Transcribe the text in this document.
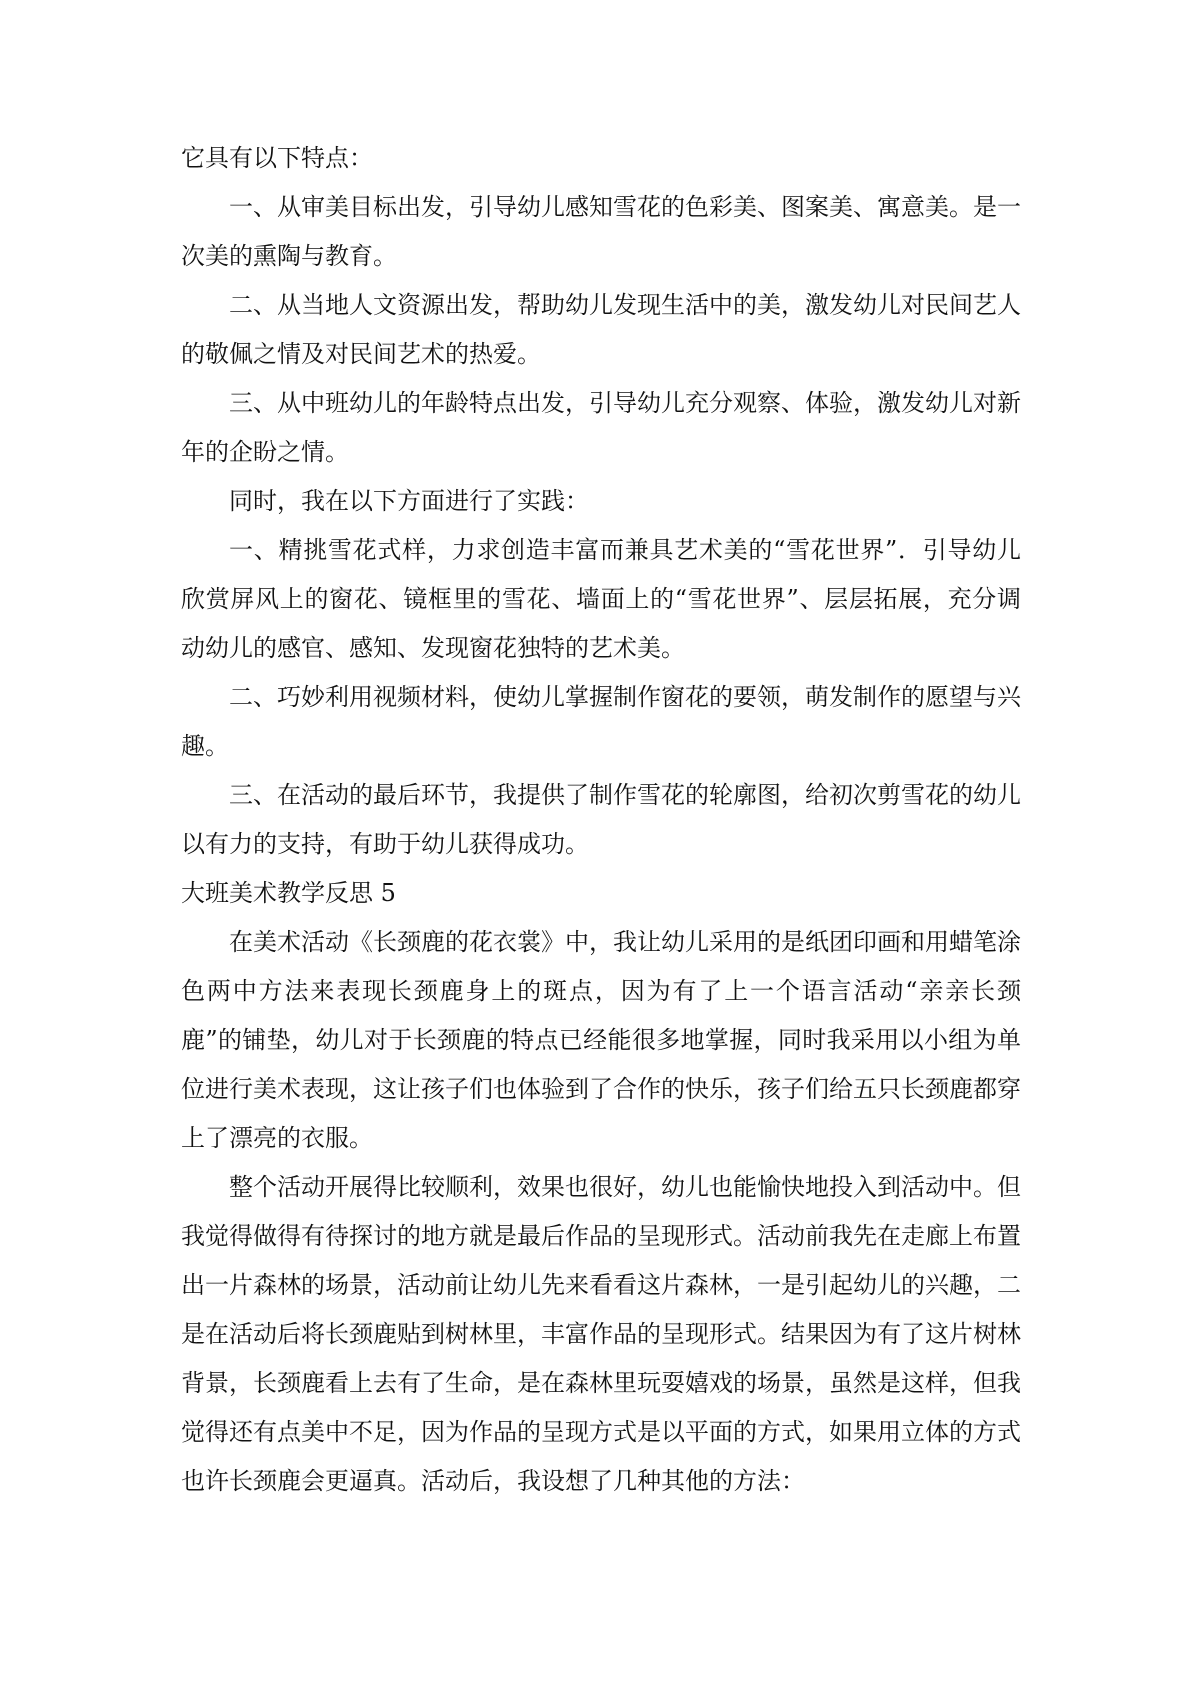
它具有以下特点：

一、从审美目标出发，引导幼儿感知雪花的色彩美、图案美、寓意美。是一次美的熏陶与教育。

二、从当地人文资源出发，帮助幼儿发现生活中的美，激发幼儿对民间艺人的敬佩之情及对民间艺术的热爱。

三、从中班幼儿的年龄特点出发，引导幼儿充分观察、体验，激发幼儿对新年的企盼之情。

同时，我在以下方面进行了实践：

一、精挑雪花式样，力求创造丰富而兼具艺术美的“雪花世界”．引导幼儿欣赏屏风上的窗花、镜框里的雪花、墙面上的“雪花世界”、层层拓展，充分调动幼儿的感官、感知、发现窗花独特的艺术美。

二、巧妙利用视频材料，使幼儿掌握制作窗花的要领，萌发制作的愿望与兴趣。

三、在活动的最后环节，我提供了制作雪花的轮廓图，给初次剪雪花的幼儿以有力的支持，有助于幼儿获得成功。

大班美术教学反思 5

在美术活动《长颈鹿的花衣裳》中，我让幼儿采用的是纸团印画和用蜡笔涂色两中方法来表现长颈鹿身上的斑点，因为有了上一个语言活动“亲亲长颈鹿”的铺垫，幼儿对于长颈鹿的特点已经能很多地掌握，同时我采用以小组为单位进行美术表现，这让孩子们也体验到了合作的快乐，孩子们给五只长颈鹿都穿上了漂亮的衣服。

整个活动开展得比较顺利，效果也很好，幼儿也能愉快地投入到活动中。但我觉得做得有待探讨的地方就是最后作品的呈现形式。活动前我先在走廊上布置出一片森林的场景，活动前让幼儿先来看看这片森林，一是引起幼儿的兴趣，二是在活动后将长颈鹿贴到树林里，丰富作品的呈现形式。结果因为有了这片树林背景，长颈鹿看上去有了生命，是在森林里玩耍嬉戏的场景，虽然是这样，但我觉得还有点美中不足，因为作品的呈现方式是以平面的方式，如果用立体的方式也许长颈鹿会更逼真。活动后，我设想了几种其他的方法：
